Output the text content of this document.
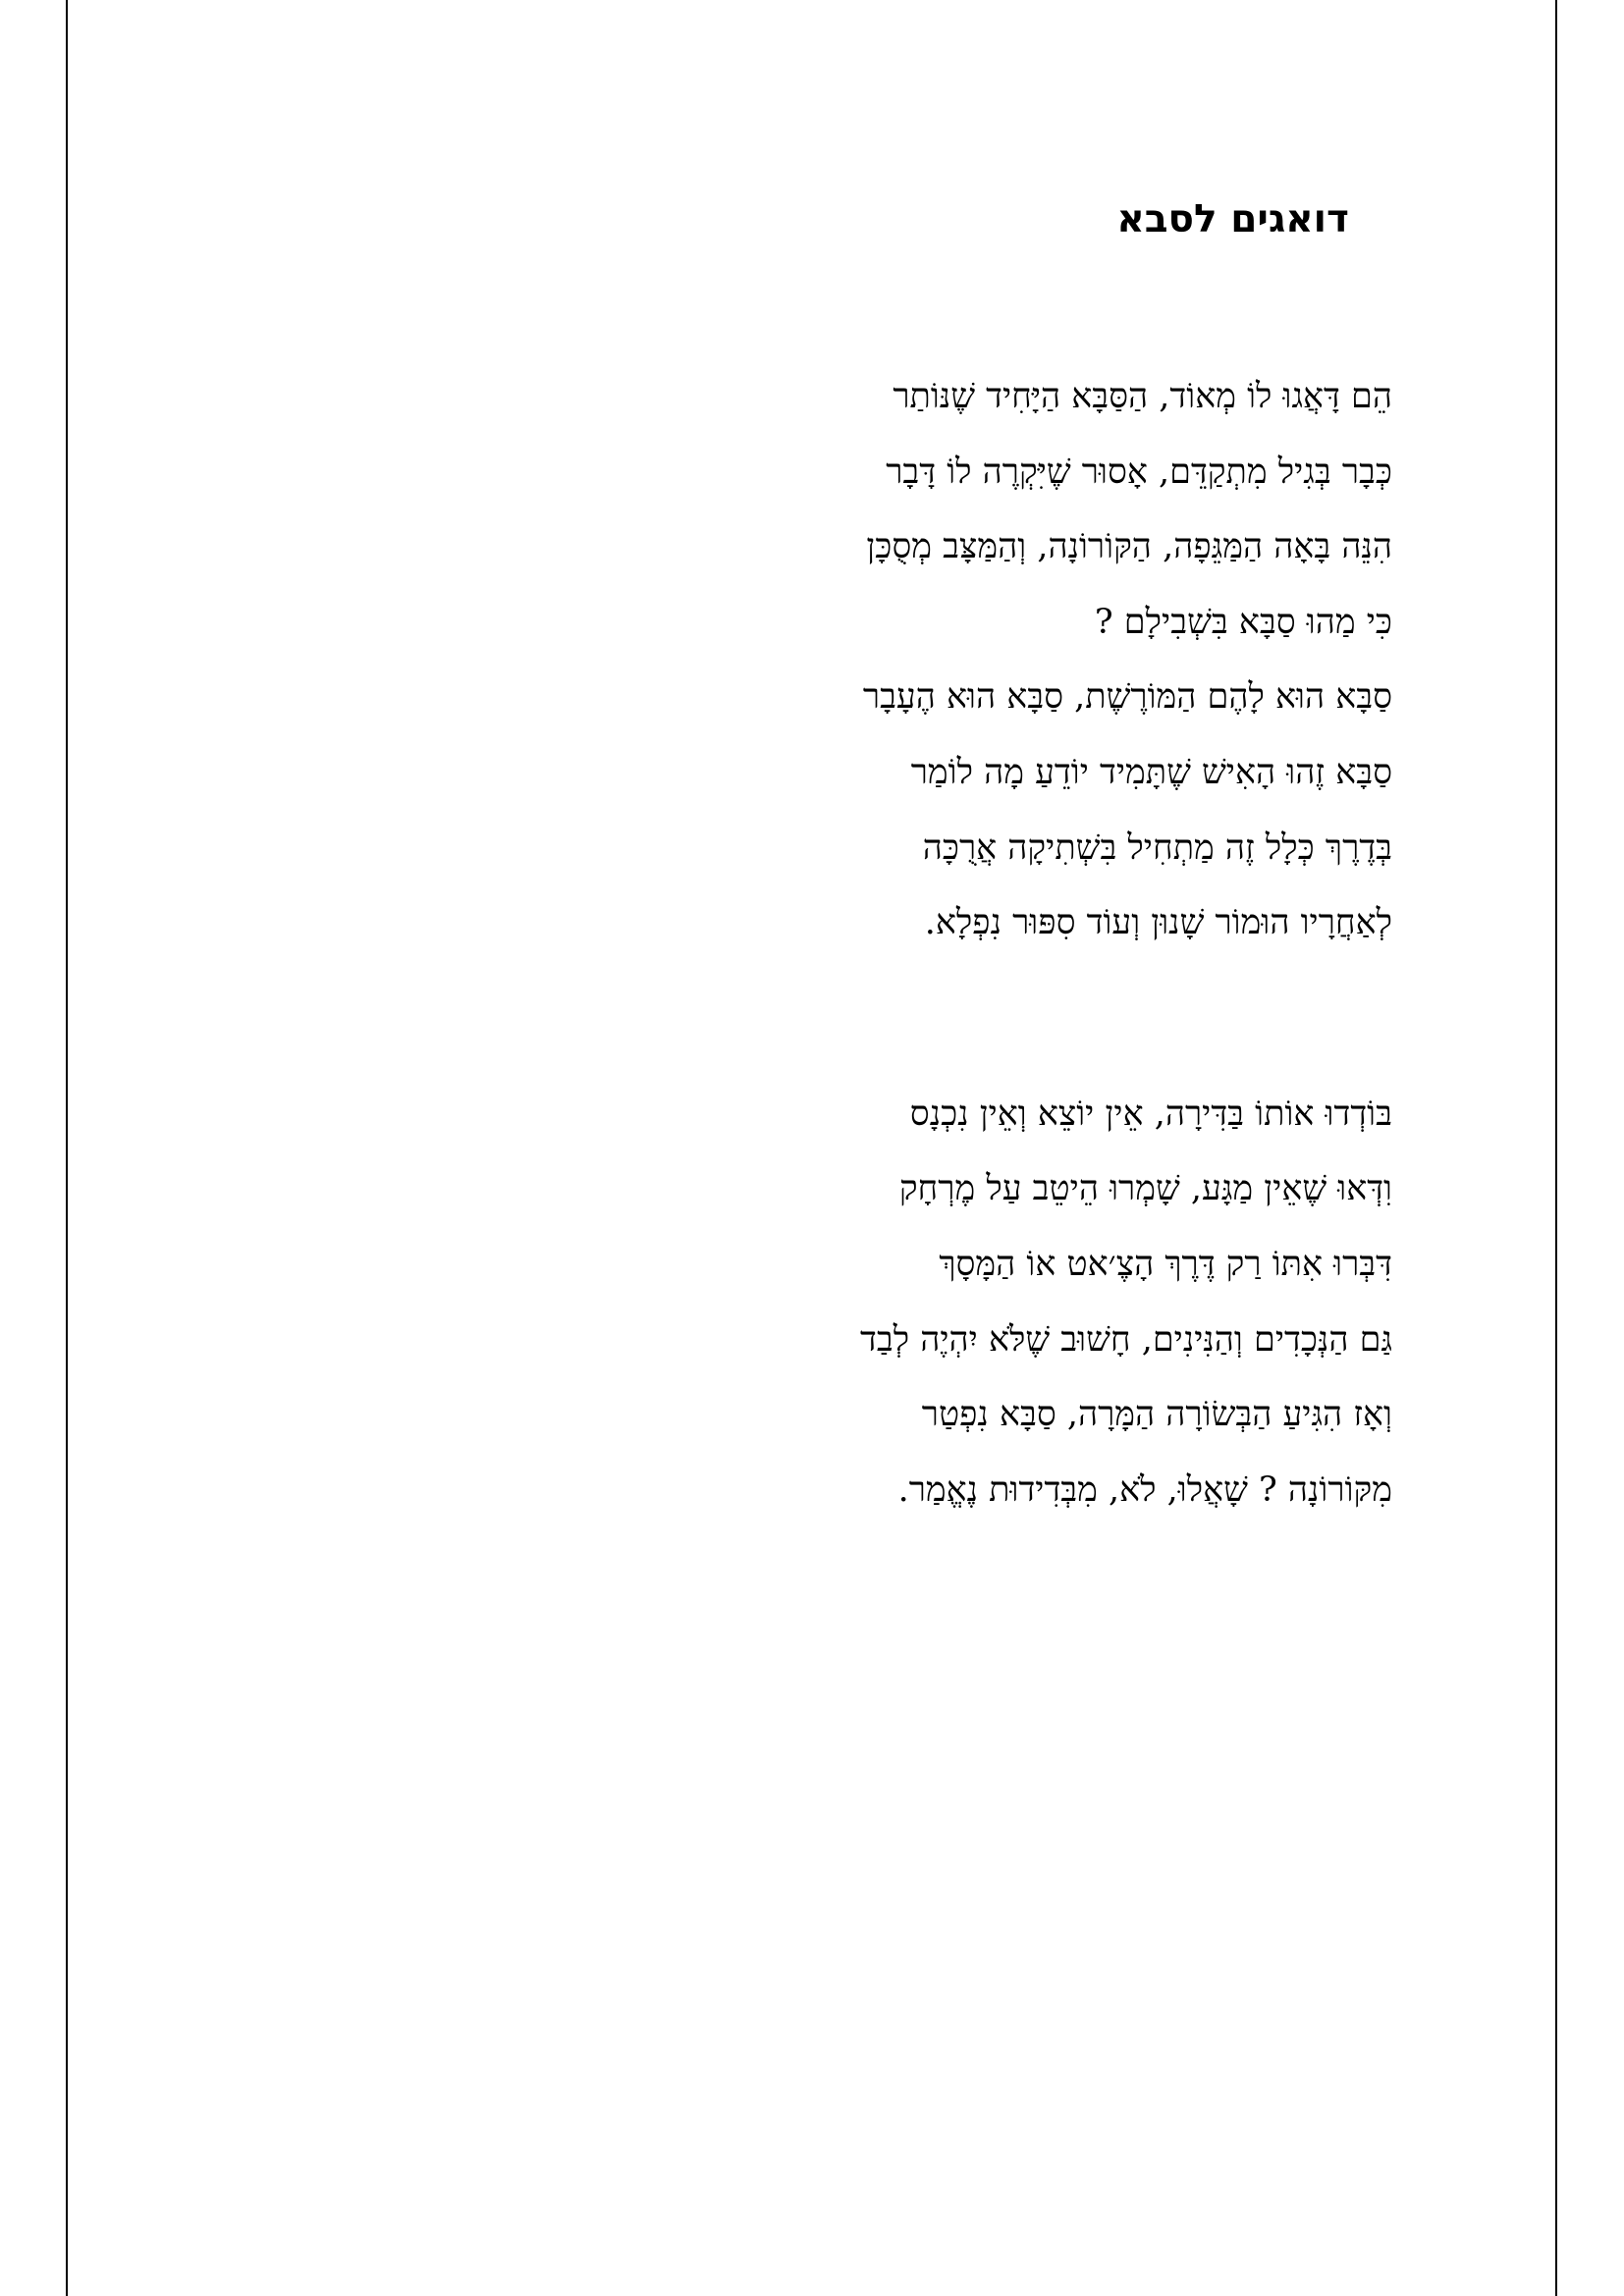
דואגים לסבא
הֵם דָּאֲגוּ לוֹ מְאוֹד, הַסַּבָּא הַיָּחִיד שֶׁנּוֹתַר
כְּבָר בְּגִיל מִתְקַדֵּם, אָסוּר שֶׁיִּקְרֶה לוֹ דָּבָר
הִנֵּה בָּאָה הַמַּגֵּפָה, הַקּוֹרוֹנָה, וְהַמַּצָּב מְסֻכָּן
כִּי מַהוּ סַבָּא בִּשְׁבִילָם ?
סַבָּא הוּא לָהֶם הַמּוֹרֶשֶׁת, סַבָּא הוּא הֶעָבָר
סַבָּא זֶהוּ הָאִישׁ שֶׁתָּמִיד יוֹדֵעַ מָה לוֹמַר
בְּדֶרֶךְ כְּלָל זֶה מַתְחִיל בִּשְׁתִיקָה אֲרֻכָּה
לְאַחֲרָיו הוּמוֹר שָׁנוּן וְעוֹד סִפּוּר נִפְלָא.
בּוֹדְדוּ אוֹתוֹ בַּדִּירָה, אֵין יוֹצֵא וְאֵין נִכְנָס
וִדְּאוּ שֶׁאֵין מַגָּע, שָׁמְרוּ הֵיטֵב עַל מֶרְחָק
דִּבְּרוּ אִתּוֹ רַק דֶּרֶךְ הָצֶ׳אט אוֹ הַמָּסָךְ
גַּם הַנְּכָדִים וְהַנִּינִים, חָשׁוּב שֶׁלֹּא יִהְיֶה לְבַד
וְאָז הִגִּיעַ הַבְּשׂוֹרָה הַמָּרָה, סַבָּא נִפְטַר
מִקּוֹרוֹנָה ? שָׁאֲלוּ, לֹא, מִבְּדִידוּת נֶאֱמַר.
